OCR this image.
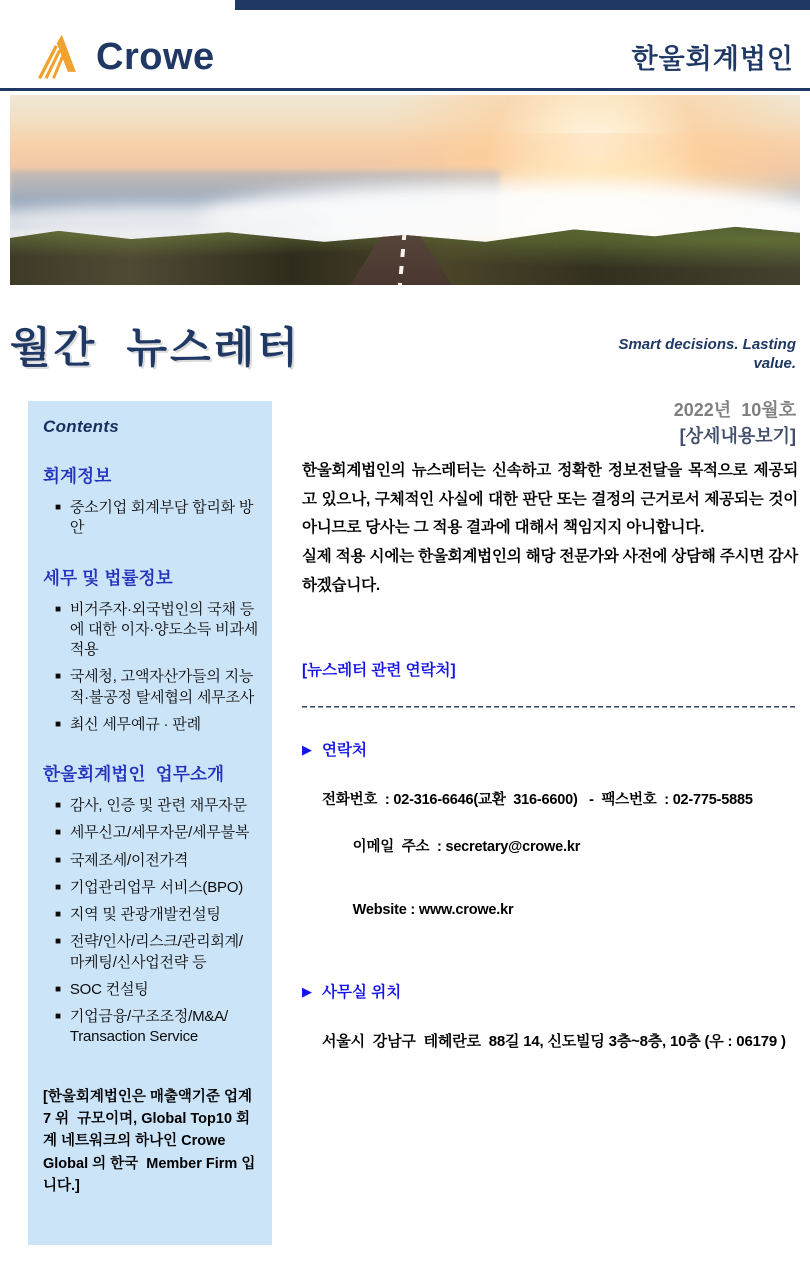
Crowe	한울회계법인
월간  뉴스레터	Smart decisions. Lasting
value.
2022년  10월호
[상세내용보기]
Contents
회계정보
■ 중소기업 회계부담 합리화 방안
세무 및 법률정보
■ 비거주자·외국법인의 국채 등에 대한 이자·양도소득 비과세 적용
■ 국세청, 고액자산가들의 지능적·불공정 탈세협의 세무조사
■ 최신 세무예규 · 판례
한울회계법인  업무소개
■ 감사, 인증 및 관련 재무자문
■ 세무신고/세무자문/세무불복
■ 국제조세/이전가격
■ 기업관리업무 서비스(BPO)
■ 지역 및 관광개발컨설팅
■ 전략/인사/리스크/관리회계/ 마케팅/신사업전략 등
■ SOC 컨설팅
■ 기업금융/구조조정/M&A/ Transaction Service

[한울회계법인은 매출액기준 업계 7 위  규모이며, Global Top10 회계 네트워크의 하나인 Crowe Global 의 한국  Member Firm 입니다.]

한울회계법인의 뉴스레터는 신속하고 정확한 정보전달을 목적으로 제공되고 있으나, 구체적인 사실에 대한 판단 또는 결정의 근거로서 제공되는 것이 아니므로 당사는 그 적용 결과에 대해서 책임지지 아니합니다.

실제 적용 시에는 한울회계법인의 해당 전문가와 사전에 상담해 주시면 감사하겠습니다.

[뉴스레터 관련 연락처]
▶ 연락처
전화번호  : 02-316-6646(교환  316-6600)   -  팩스번호  : 02-775-5885

이메일  주소  : secretary@crowe.kr

Website : www.crowe.kr

▶ 사무실 위치
서울시  강남구  테헤란로  88길 14, 신도빌딩 3층~8층, 10층 (우 : 06179 )
